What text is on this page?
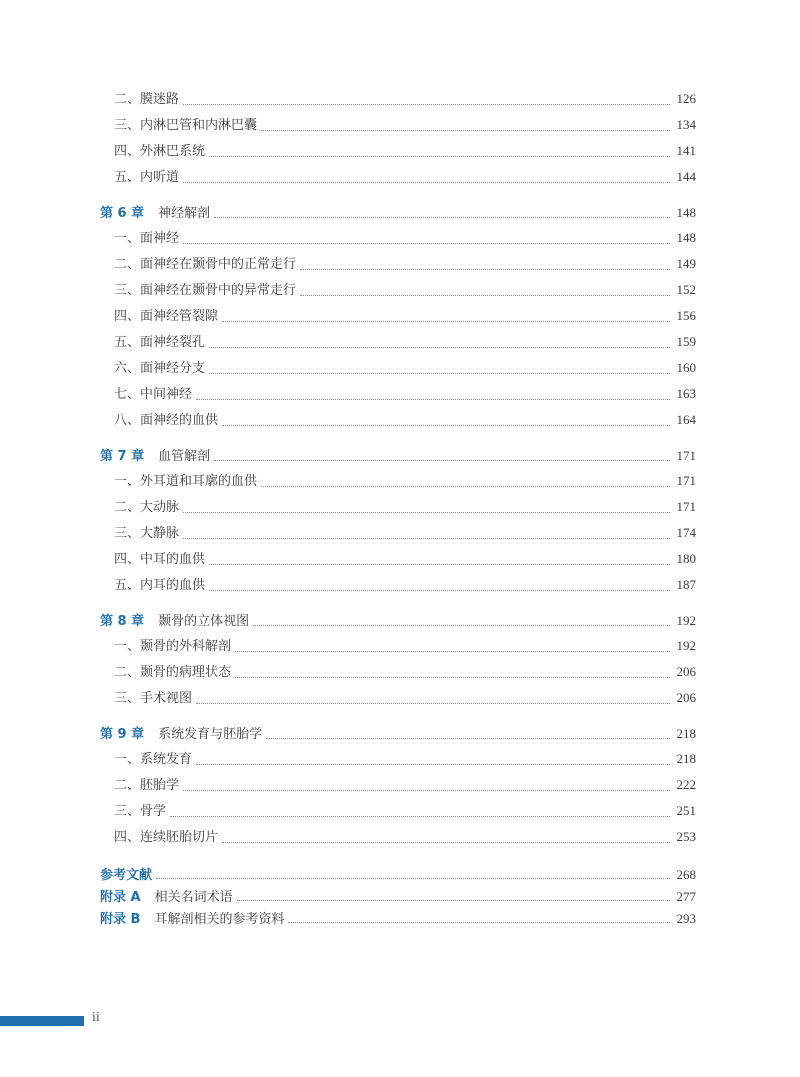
二、膜迷路	126
三、内淋巴管和内淋巴囊	134
四、外淋巴系统	141
五、内听道	144
第 6 章 神经解剖	148
一、面神经	148
二、面神经在颞骨中的正常走行	149
三、面神经在颞骨中的异常走行	152
四、面神经管裂隙	156
五、面神经裂孔	159
六、面神经分支	160
七、中间神经	163
八、面神经的血供	164
第 7 章 血管解剖	171
一、外耳道和耳廓的血供	171
二、大动脉	171
三、大静脉	174
四、中耳的血供	180
五、内耳的血供	187
第 8 章 颞骨的立体视图	192
一、颞骨的外科解剖	192
二、颞骨的病理状态	206
三、手术视图	206
第 9 章 系统发育与胚胎学	218
一、系统发育	218
二、胚胎学	222
三、骨学	251
四、连续胚胎切片	253
参考文献	268
附录 A 相关名词术语	277
附录 B 耳解剖相关的参考资料	293
ii
